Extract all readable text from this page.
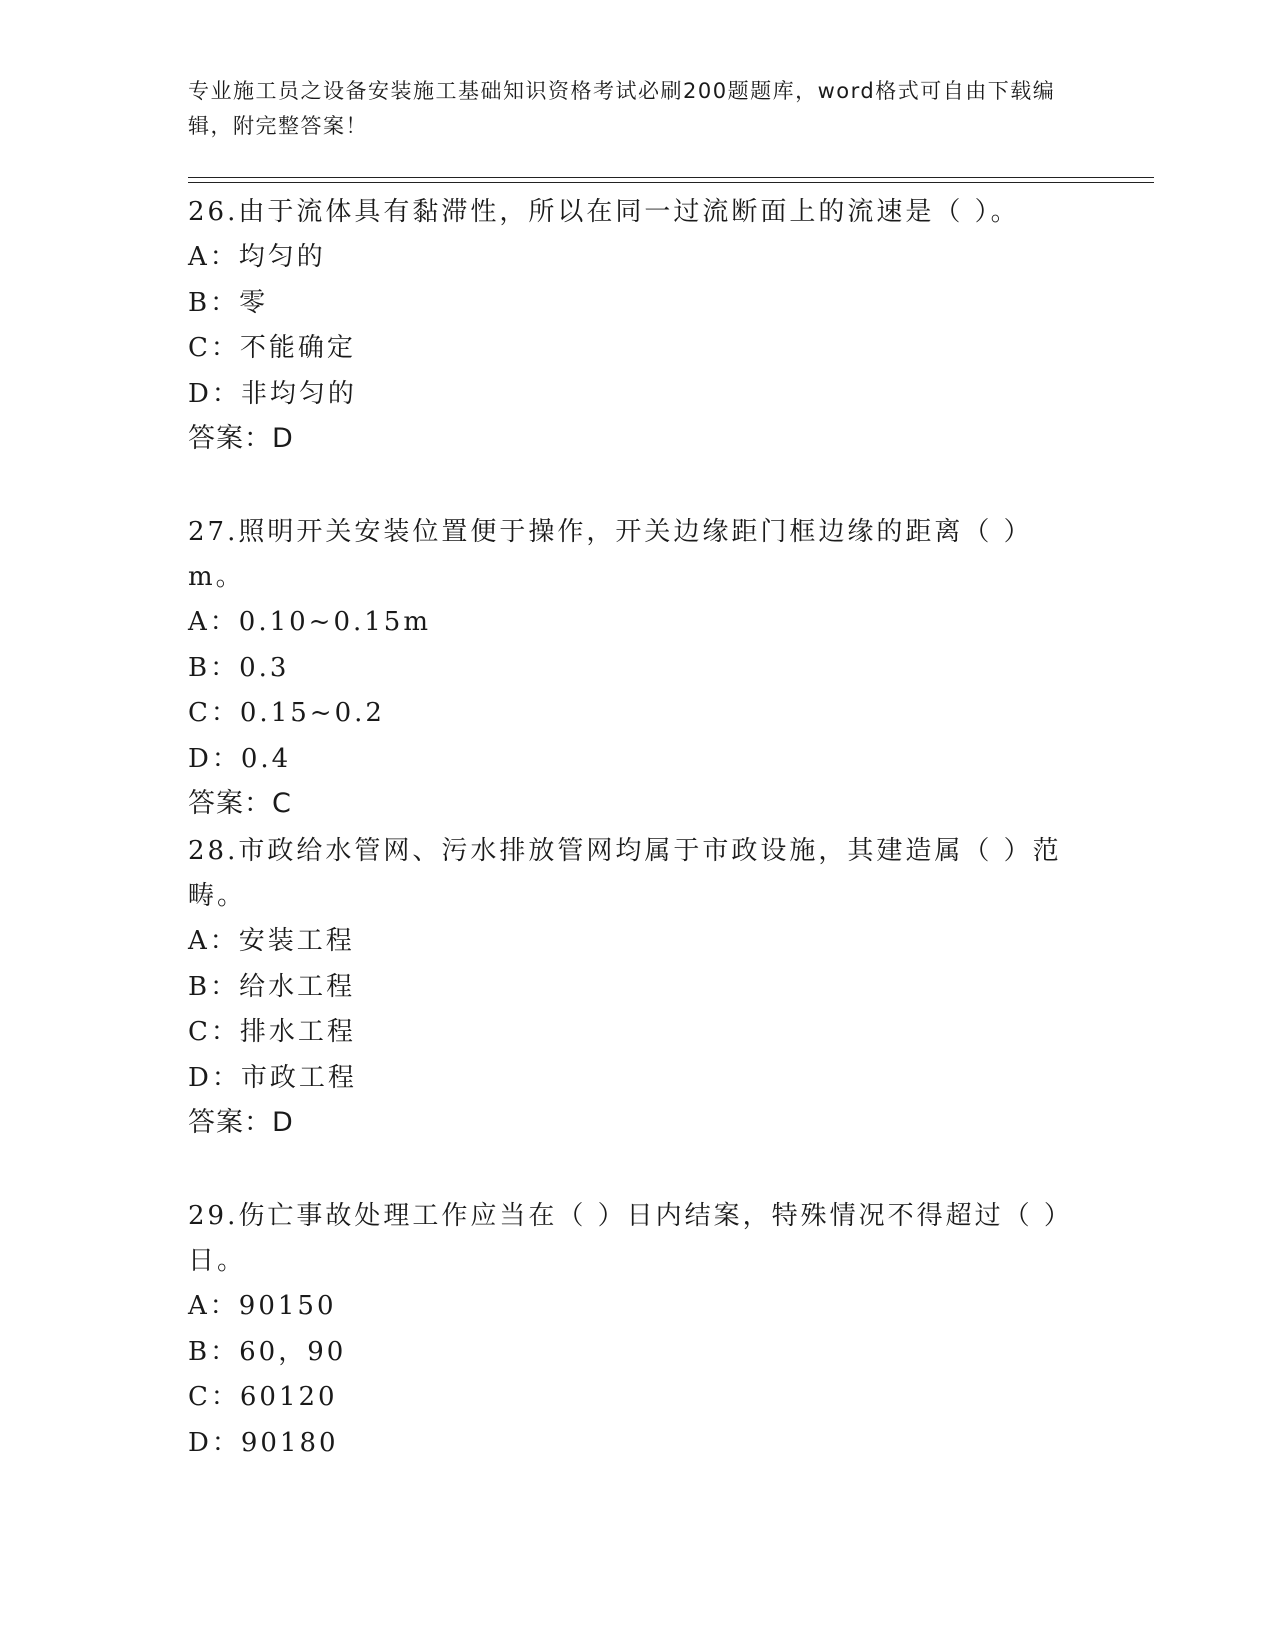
专业施工员之设备安装施工基础知识资格考试必刷200题题库，word格式可自由下载编辑，附完整答案！
26.由于流体具有黏滞性，所以在同一过流断面上的流速是（ ）。
A：均匀的
B：零
C：不能确定
D：非均匀的
答案：D
27.照明开关安装位置便于操作，开关边缘距门框边缘的距离（ ）m。
A：0.10~0.15m
B：0.3
C：0.15~0.2
D：0.4
答案：C
28.市政给水管网、污水排放管网均属于市政设施，其建造属（ ）范畴。
A：安装工程
B：给水工程
C：排水工程
D：市政工程
答案：D
29.伤亡事故处理工作应当在（ ）日内结案，特殊情况不得超过（ ）日。
A：90150
B：60，90
C：60120
D：90180
